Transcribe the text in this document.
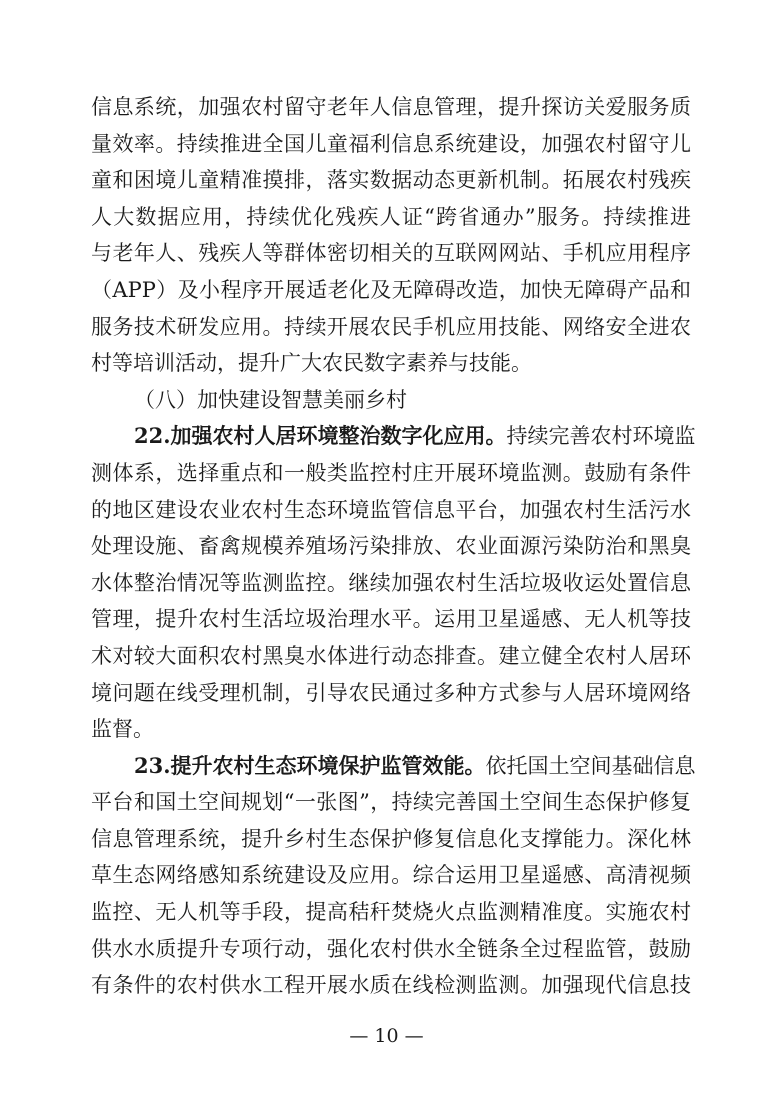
信息系统，加强农村留守老年人信息管理，提升探访关爱服务质
量效率。持续推进全国儿童福利信息系统建设，加强农村留守儿
童和困境儿童精准摸排，落实数据动态更新机制。拓展农村残疾
人大数据应用，持续优化残疾人证“跨省通办”服务。持续推进
与老年人、残疾人等群体密切相关的互联网网站、手机应用程序
（APP）及小程序开展适老化及无障碍改造，加快无障碍产品和
服务技术研发应用。持续开展农民手机应用技能、网络安全进农
村等培训活动，提升广大农民数字素养与技能。
（八）加快建设智慧美丽乡村
22.加强农村人居环境整治数字化应用。持续完善农村环境监
测体系，选择重点和一般类监控村庄开展环境监测。鼓励有条件
的地区建设农业农村生态环境监管信息平台，加强农村生活污水
处理设施、畜禽规模养殖场污染排放、农业面源污染防治和黑臭
水体整治情况等监测监控。继续加强农村生活垃圾收运处置信息
管理，提升农村生活垃圾治理水平。运用卫星遥感、无人机等技
术对较大面积农村黑臭水体进行动态排查。建立健全农村人居环
境问题在线受理机制，引导农民通过多种方式参与人居环境网络
监督。
23.提升农村生态环境保护监管效能。依托国土空间基础信息
平台和国土空间规划“一张图”，持续完善国土空间生态保护修复
信息管理系统，提升乡村生态保护修复信息化支撑能力。深化林
草生态网络感知系统建设及应用。综合运用卫星遥感、高清视频
监控、无人机等手段，提高秸秆焚烧火点监测精准度。实施农村
供水水质提升专项行动，强化农村供水全链条全过程监管，鼓励
有条件的农村供水工程开展水质在线检测监测。加强现代信息技
— 10 —
